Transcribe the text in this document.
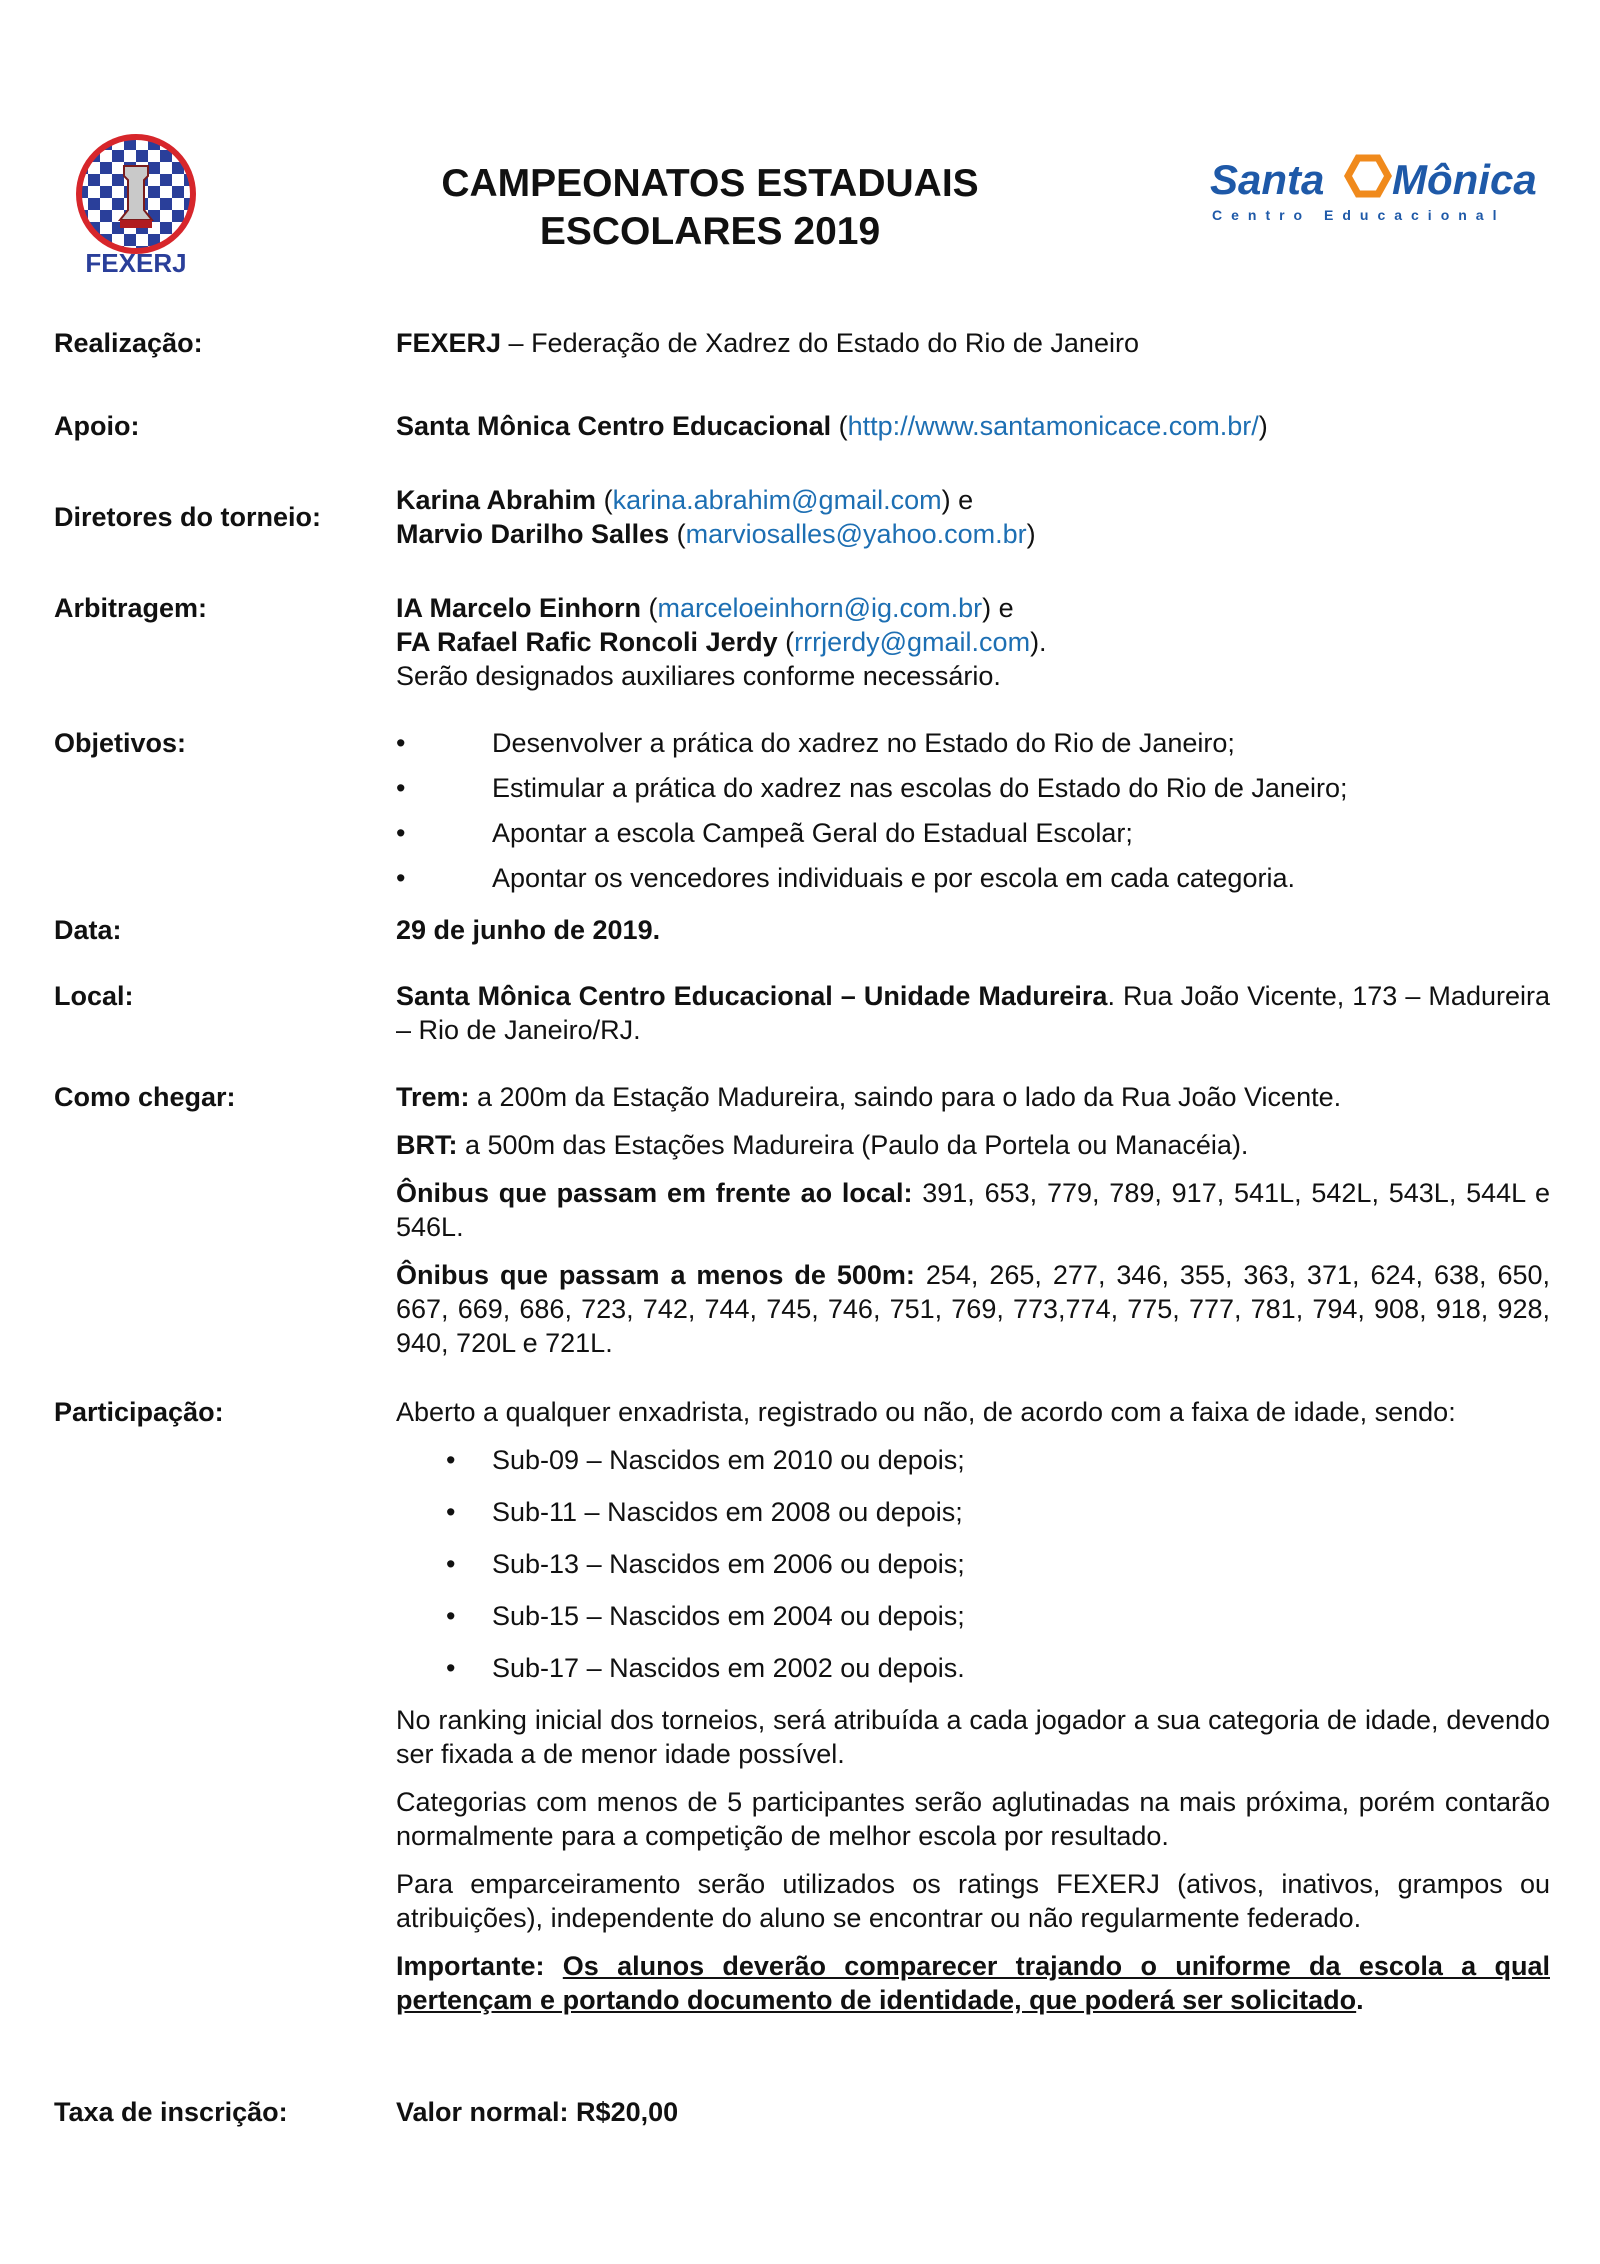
FEXERJ
CAMPEONATOS ESTADUAIS
ESCOLARES 2019
Santa Mônica
Centro Educacional
Realização:	FEXERJ – Federação de Xadrez do Estado do Rio de Janeiro
Apoio:	Santa Mônica Centro Educacional (http://www.santamonicace.com.br/)
Diretores do torneio:
Karina Abrahim (karina.abrahim@gmail.com) e
Marvio Darilho Salles (marviosalles@yahoo.com.br)
Arbitragem:	IA Marcelo Einhorn (marceloeinhorn@ig.com.br) e
FA Rafael Rafic Roncoli Jerdy (rrrjerdy@gmail.com).
Serão designados auxiliares conforme necessário.
Objetivos:
•	Desenvolver a prática do xadrez no Estado do Rio de Janeiro;
• Estimular a prática do xadrez nas escolas do Estado do Rio de Janeiro;
• Apontar a escola Campeã Geral do Estadual Escolar;
• Apontar os vencedores individuais e por escola em cada categoria.
Data:	29 de junho de 2019.
Local:	Santa Mônica Centro Educacional – Unidade Madureira. Rua João Vicente, 173 – Madureira – Rio de Janeiro/RJ.

Como chegar:	Trem: a 200m da Estação Madureira, saindo para o lado da Rua João Vicente.

BRT: a 500m das Estações Madureira (Paulo da Portela ou Manacéia).

Ônibus que passam em frente ao local: 391, 653, 779, 789, 917, 541L, 542L, 543L, 544L e 546L.

Ônibus que passam a menos de 500m: 254, 265, 277, 346, 355, 363, 371, 624, 638, 650, 667, 669, 686, 723, 742, 744, 745, 746, 751, 769, 773,774, 775, 777, 781, 794, 908, 918, 928, 940, 720L e 721L.

Participação:	Aberto a qualquer enxadrista, registrado ou não, de acordo com a faixa de idade, sendo:

• Sub-09 – Nascidos em 2010 ou depois;
• Sub-11 – Nascidos em 2008 ou depois;
• Sub-13 – Nascidos em 2006 ou depois;
• Sub-15 – Nascidos em 2004 ou depois;
• Sub-17 – Nascidos em 2002 ou depois.

No ranking inicial dos torneios, será atribuída a cada jogador a sua categoria de idade, devendo ser fixada a de menor idade possível.

Categorias com menos de 5 participantes serão aglutinadas na mais próxima, porém contarão normalmente para a competição de melhor escola por resultado.

Para emparceiramento serão utilizados os ratings FEXERJ (ativos, inativos, grampos ou atribuições), independente do aluno se encontrar ou não regularmente federado.

Importante: Os alunos deverão comparecer trajando o uniforme da escola a qual pertençam e portando documento de identidade, que poderá ser solicitado.

Taxa de inscrição:	Valor normal: R$20,00
